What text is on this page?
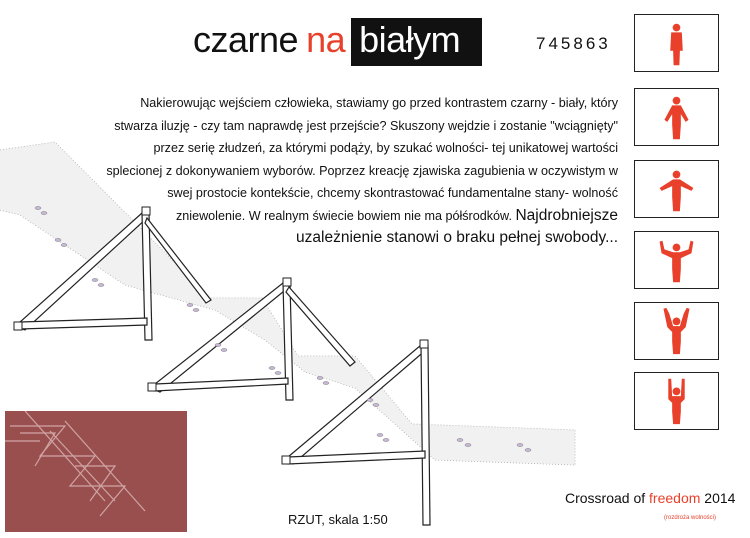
czarne na białym	745863
Nakierowując wejściem człowieka, stawiamy go przed kontrastem czarny - biały, który
stwarza iluzję - czy tam naprawdę jest przejście? Skuszony wejdzie i zostanie "wciągnięty"
przez serię złudzeń, za którymi podąży, by szukać wolności- tej unikatowej wartości
splecionej z dokonywaniem wyborów. Poprzez kreację zjawiska zagubienia w oczywistym w
swej prostocie kontekście, chcemy skontrastować fundamentalne stany- wolność
zniewolenie. W realnym świecie bowiem nie ma półśrodków. Najdrobniejsze
uzależnienie stanowi o braku pełnej swobody...
RZUT, skala 1:50
Crossroad of freedom 2014
(rozdroża wolności)
